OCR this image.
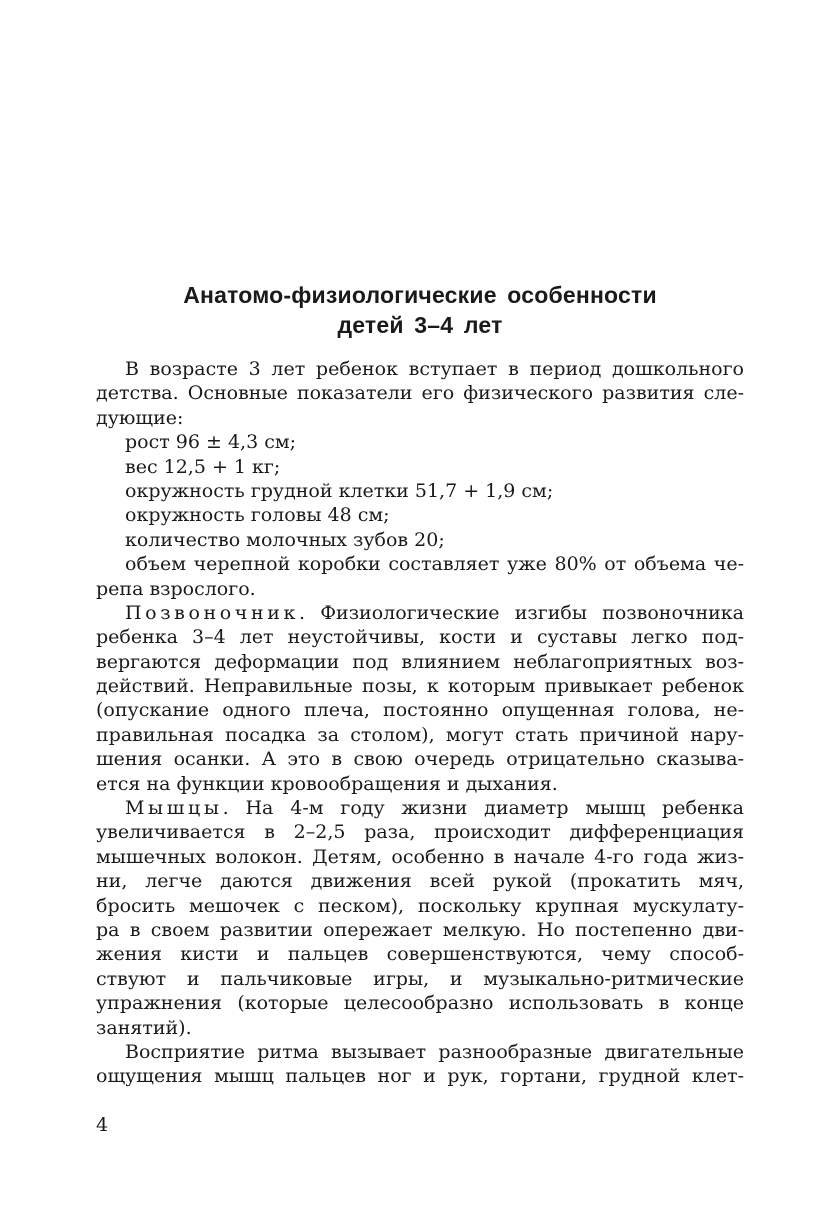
Анатомо-физиологические особенности
детей 3–4 лет
В возрасте 3 лет ребенок вступает в период дошкольного
детства. Основные показатели его физического развития сле-
дующие:
рост 96 ± 4,3 см;
вес 12,5 + 1 кг;
окружность грудной клетки 51,7 + 1,9 см;
окружность головы 48 см;
количество молочных зубов 20;
объем черепной коробки составляет уже 80% от объема че-
репа взрослого.
Позвоночник. Физиологические изгибы позвоночника
ребенка 3–4 лет неустойчивы, кости и суставы легко под-
вергаются деформации под влиянием неблагоприятных воз-
действий. Неправильные позы, к которым привыкает ребенок
(опускание одного плеча, постоянно опущенная голова, не-
правильная посадка за столом), могут стать причиной нару-
шения осанки. А это в свою очередь отрицательно сказыва-
ется на функции кровообращения и дыхания.
Мышцы. На 4-м году жизни диаметр мышц ребенка
увеличивается в 2–2,5 раза, происходит дифференциация
мышечных волокон. Детям, особенно в начале 4-го года жиз-
ни, легче даются движения всей рукой (прокатить мяч,
бросить мешочек с песком), поскольку крупная мускулату-
ра в своем развитии опережает мелкую. Но постепенно дви-
жения кисти и пальцев совершенствуются, чему способ-
ствуют и пальчиковые игры, и музыкально-ритмические
упражнения (которые целесообразно использовать в конце
занятий).
Восприятие ритма вызывает разнообразные двигательные
ощущения мышц пальцев ног и рук, гортани, грудной клет-
4
